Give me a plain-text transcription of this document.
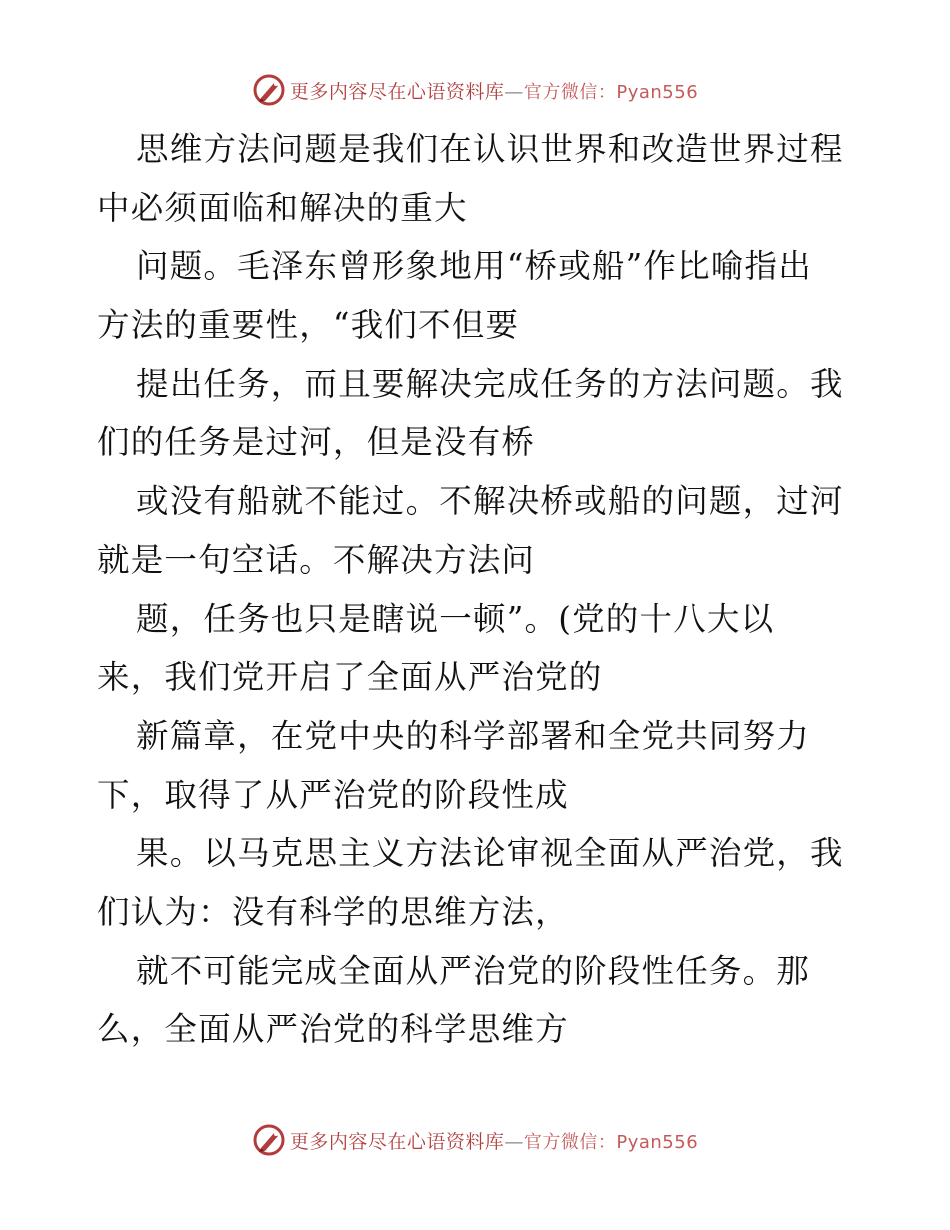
更多内容尽在心语资料库—官方微信：Pyan556
思维方法问题是我们在认识世界和改造世界过程
中必须面临和解决的重大
问题。毛泽东曾形象地用“桥或船”作比喻指出
方法的重要性，“我们不但要
提出任务，而且要解决完成任务的方法问题。我
们的任务是过河，但是没有桥
或没有船就不能过。不解决桥或船的问题，过河
就是一句空话。不解决方法问
题，任务也只是瞎说一顿”。(党的十八大以
来，我们党开启了全面从严治党的
新篇章，在党中央的科学部署和全党共同努力
下，取得了从严治党的阶段性成
果。以马克思主义方法论审视全面从严治党，我
们认为：没有科学的思维方法，
就不可能完成全面从严治党的阶段性任务。那
么，全面从严治党的科学思维方
更多内容尽在心语资料库—官方微信：Pyan556
